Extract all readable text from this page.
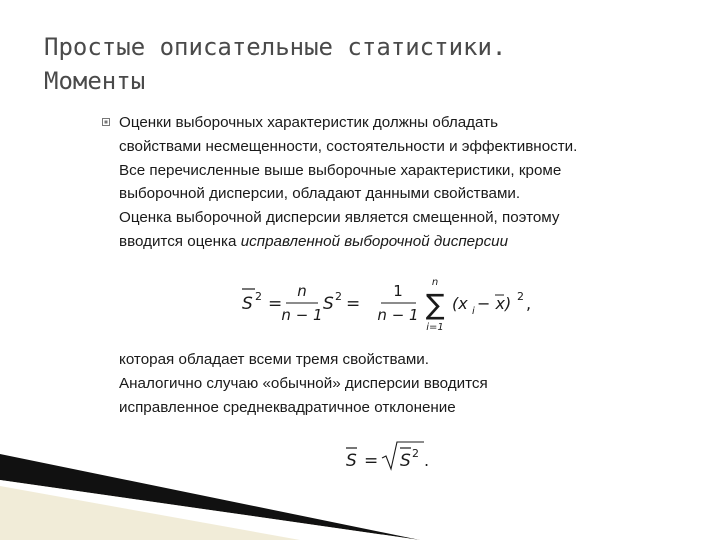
Простые описательные статистики.
Моменты

Оценки выборочных характеристик должны обладать
свойствами несмещенности, состоятельности и эффективности.
Все перечисленные выше выборочные характеристики, кроме
выборочной дисперсии, обладают данными свойствами.
Оценка выборочной дисперсии является смещенной, поэтому
вводится оценка исправленной выборочной дисперсии

S 2 =
n
n − 1
S 2 =
1
n − 1
n
∑
i=1
(x i − x) 2 ,

которая обладает всеми тремя свойствами.
Аналогично случаю «обычной» дисперсии вводится
исправленное среднеквадратичное отклонение

S = S 2 .
